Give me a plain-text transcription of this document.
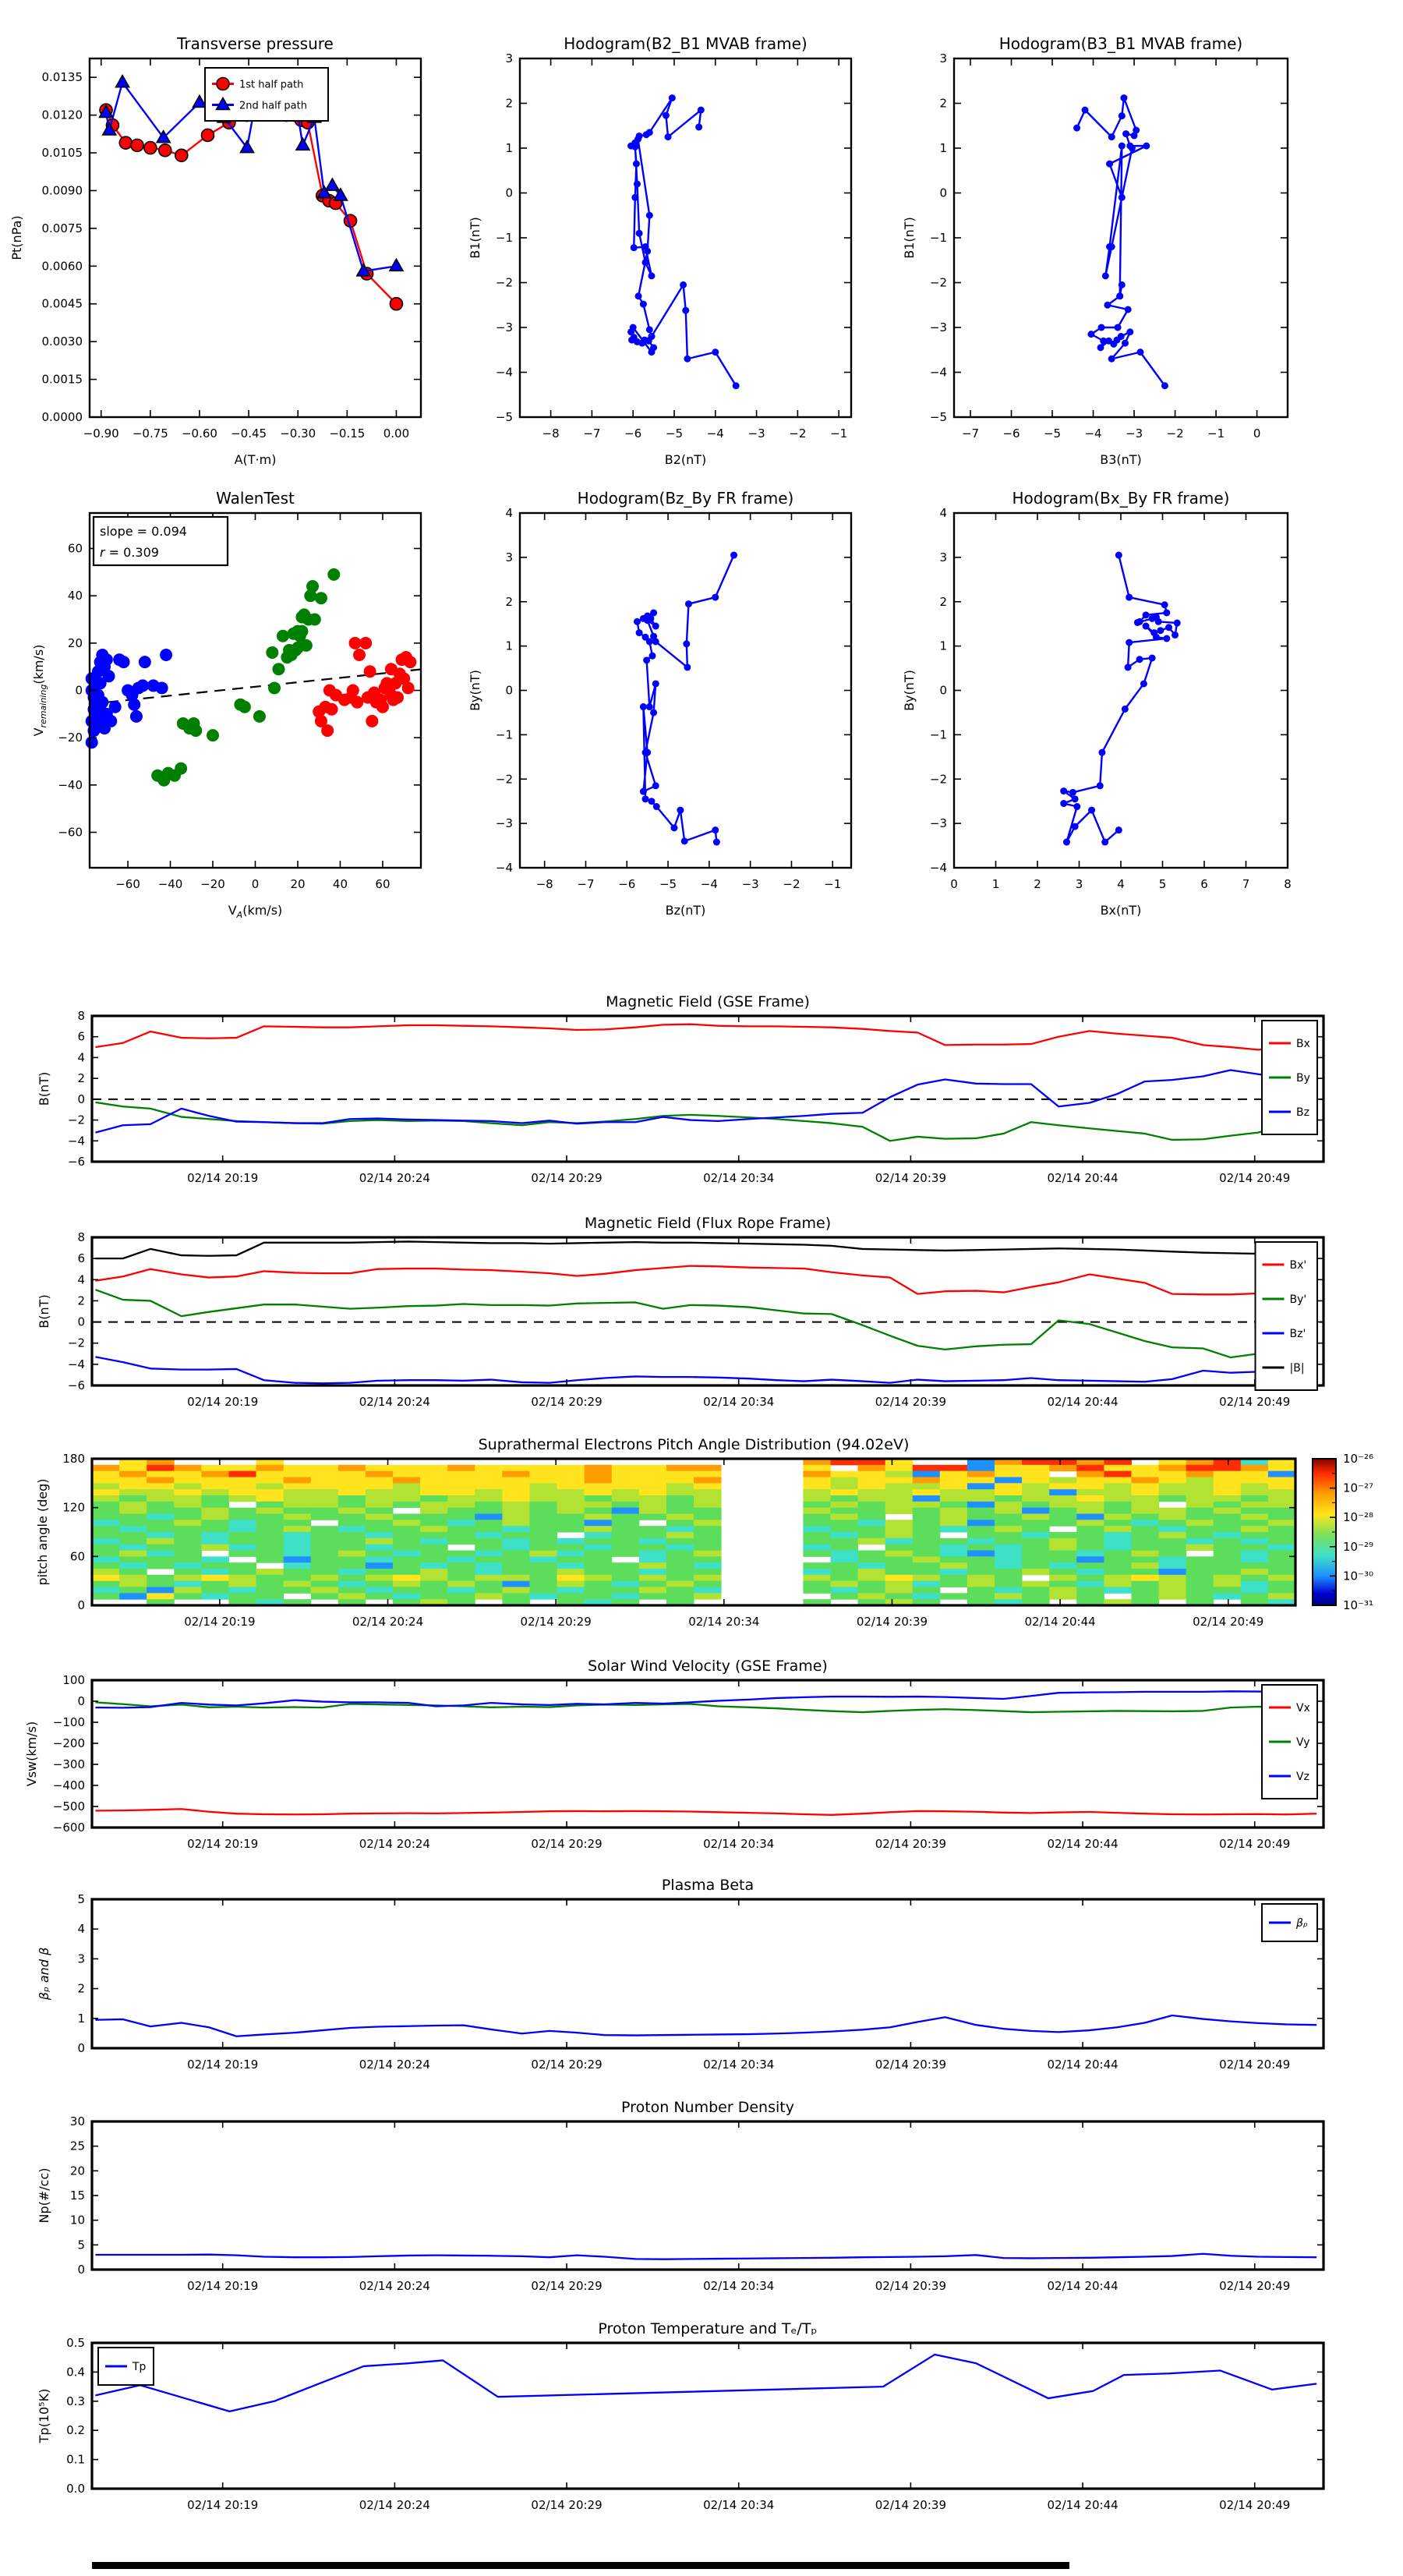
−0.90 −0.75 −0.60 −0.45 −0.30 −0.15 0.00
0.0135
0.0120
0.0105
0.0090
0.0075
0.0060
0.0045
0.0030
0.0015
0.0000
Transverse pressure
A(T·m)
Pt(nPa)
1st half path
2nd half path
−8 −7 −6 −5 −4 −3 −2 −1
3
2
1
0
−1
−2
−3
−4
−5
Hodogram(B2_B1 MVAB frame)
B2(nT)
B1(nT)
−7 −6 −5 −4 −3 −2 −1 0
3
2
1
0
−1
−2
−3
−4
−5
Hodogram(B3_B1 MVAB frame)
B3(nT)
B1(nT)
−60 −40 −20 0	20 40 60
60
40
20
0
−20
−40
−60
WalenTest
$V_A(km/s)$
$V_{remaining}(km/s)$
slope = 0.094
r = 0.309
−8 −7 −6 −5 −4 −3 −2 −1
4
3
2
1
0
−1
−2
−3
−4
Hodogram(Bz_By FR frame)
Bz(nT)
By(nT)
0	1	2	3	4	5	6	7	8
4
3
2
1
0
−1
−2
−3
−4
Hodogram(Bx_By FR frame)
Bx(nT)
By(nT)
02/14 20:19	02/14 20:24	02/14 20:29	02/14 20:34	02/14 20:39	02/14 20:44	02/14 20:49
8
6
4
2
0
−2
−4
−6
Magnetic Field (GSE Frame)
B(nT)
Bx
By
Bz
02/14 20:19	02/14 20:24	02/14 20:29	02/14 20:34	02/14 20:39	02/14 20:44	02/14 20:49
8
6
4
2
0
−2
−4
−6
Magnetic Field (Flux Rope Frame)
B(nT)
Bx'
By'
Bz'
|B|
02/14 20:19	02/14 20:24	02/14 20:29	02/14 20:34	02/14 20:39	02/14 20:44	02/14 20:49
180
120
60
0
Suprathermal Electrons Pitch Angle Distribution (94.02eV)
pitch angle (deg)
10⁻²⁶
10⁻²⁷
10⁻²⁸
10⁻²⁹
10⁻³⁰
10⁻³¹
02/14 20:19	02/14 20:24	02/14 20:29	02/14 20:34	02/14 20:39	02/14 20:44	02/14 20:49
100
0
−100
−200
−300
−400
−500
−600
Solar Wind Velocity (GSE Frame)
Vsw(km/s)
Vx
Vy
Vz
02/14 20:19	02/14 20:24	02/14 20:29	02/14 20:34	02/14 20:39	02/14 20:44	02/14 20:49
5
4
3
2
1
0
Plasma Beta
βₚ and β
βₚ
02/14 20:19	02/14 20:24	02/14 20:29	02/14 20:34	02/14 20:39	02/14 20:44	02/14 20:49
30
25
20
15
10
5
0
Proton Number Density
Np(#/cc)
02/14 20:19	02/14 20:24	02/14 20:29	02/14 20:34	02/14 20:39	02/14 20:44	02/14 20:49
0.5
0.4
0.3
0.2
0.1
0.0
Proton Temperature and Tₑ/Tₚ
Tp(10⁵K)
Tp
